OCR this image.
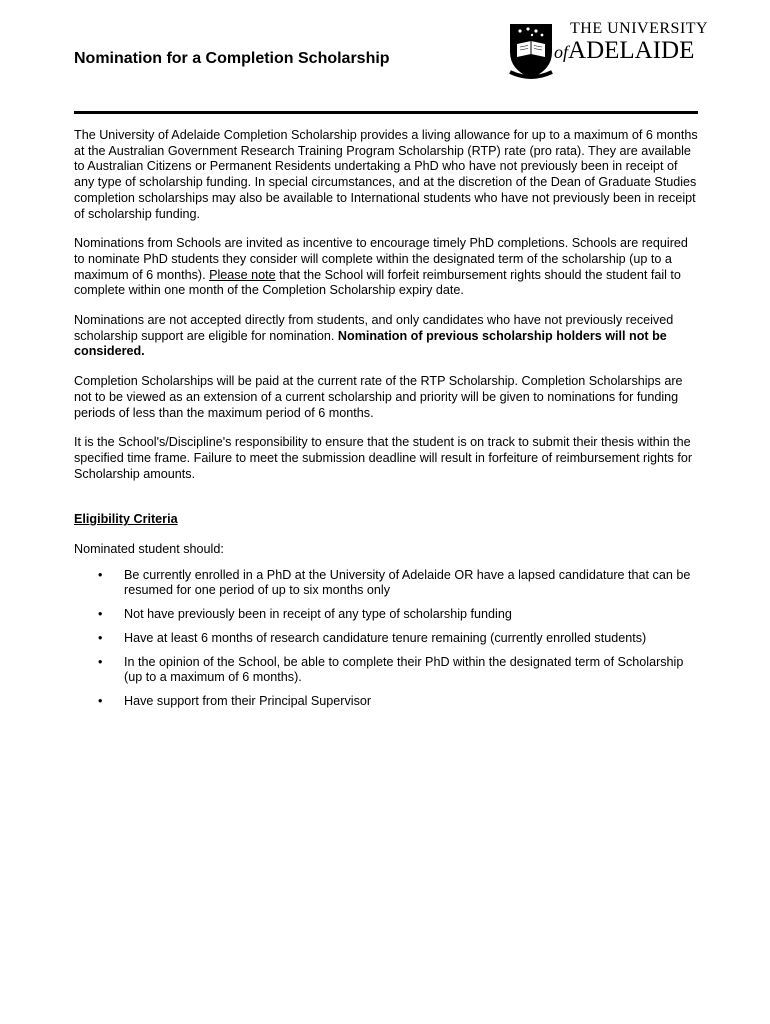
Nomination for a Completion Scholarship
THE UNIVERSITY
ofADELAIDE

The University of Adelaide Completion Scholarship provides a living allowance for up to a maximum of 6 months at the Australian Government Research Training Program Scholarship (RTP) rate (pro rata). They are available to Australian Citizens or Permanent Residents undertaking a PhD who have not previously been in receipt of any type of scholarship funding. In special circumstances, and at the discretion of the Dean of Graduate Studies completion scholarships may also be available to International students who have not previously been in receipt of scholarship funding.

Nominations from Schools are invited as incentive to encourage timely PhD completions. Schools are required to nominate PhD students they consider will complete within the designated term of the scholarship (up to a maximum of 6 months). Please note that the School will forfeit reimbursement rights should the student fail to complete within one month of the Completion Scholarship expiry date.

Nominations are not accepted directly from students, and only candidates who have not previously received scholarship support are eligible for nomination. Nomination of previous scholarship holders will not be considered.

Completion Scholarships will be paid at the current rate of the RTP Scholarship. Completion Scholarships are not to be viewed as an extension of a current scholarship and priority will be given to nominations for funding periods of less than the maximum period of 6 months.

It is the School's/Discipline's responsibility to ensure that the student is on track to submit their thesis within the specified time frame. Failure to meet the submission deadline will result in forfeiture of reimbursement rights for Scholarship amounts.

Eligibility Criteria

Nominated student should:

• Be currently enrolled in a PhD at the University of Adelaide OR have a lapsed candidature that can be resumed for one period of up to six months only
• Not have previously been in receipt of any type of scholarship funding
• Have at least 6 months of research candidature tenure remaining (currently enrolled students)
• In the opinion of the School, be able to complete their PhD within the designated term of Scholarship (up to a maximum of 6 months).
• Have support from their Principal Supervisor
